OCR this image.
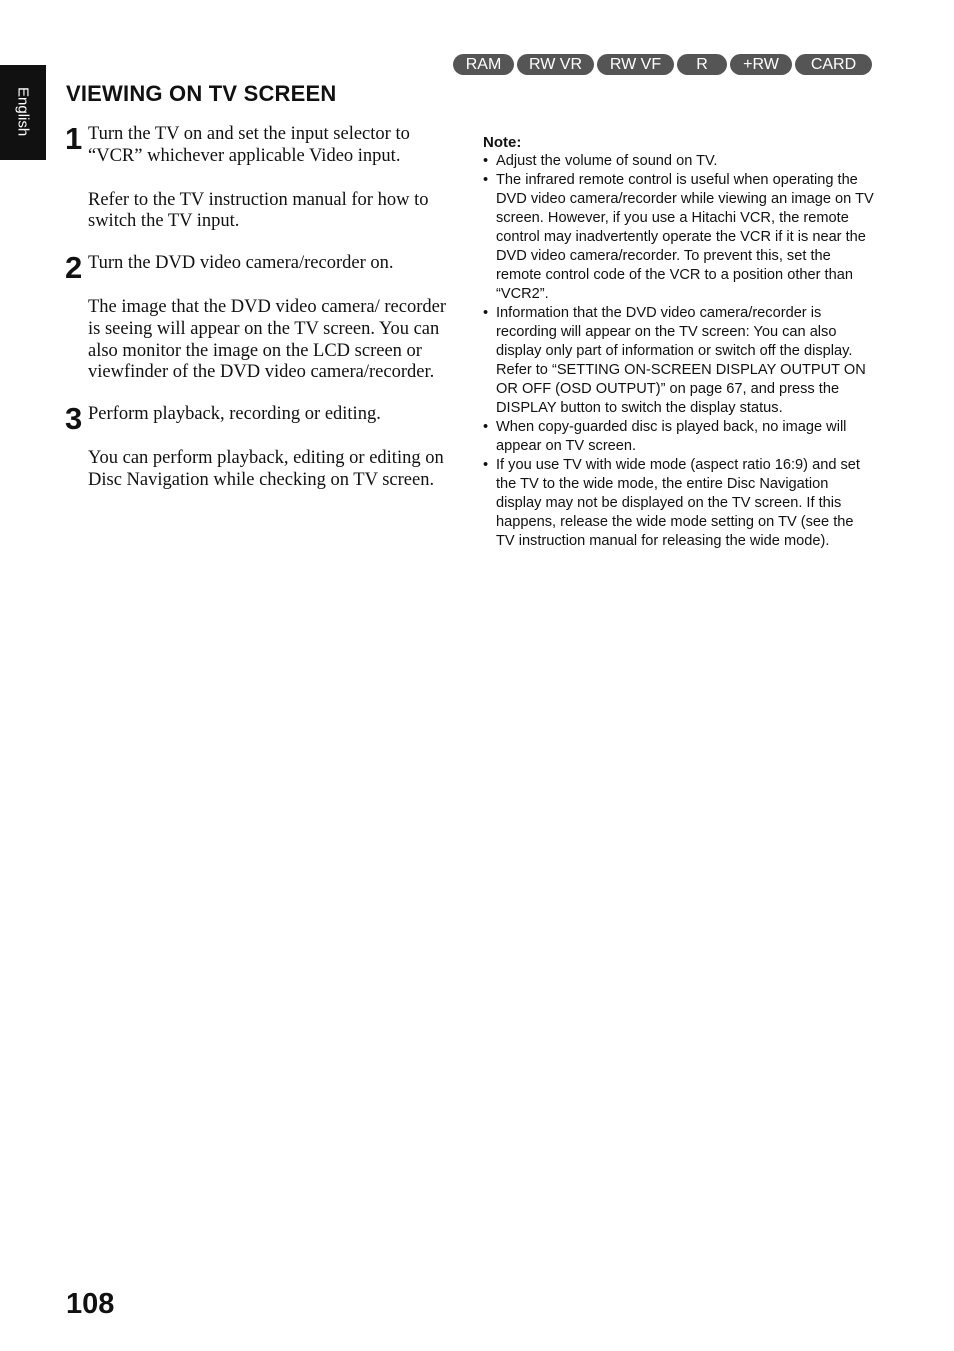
English
RAM	RW VR	RW VF	R	+RW	CARD
VIEWING ON TV SCREEN
1 Turn the TV on and set the input selector to “VCR” whichever applicable Video input.

Refer to the TV instruction manual for how to switch the TV input.

2 Turn the DVD video camera/recorder on.

The image that the DVD video camera/ recorder is seeing will appear on the TV screen. You can also monitor the image on the LCD screen or viewfinder of the DVD video camera/recorder.

3 Perform playback, recording or editing.

You can perform playback, editing or editing on Disc Navigation while checking on TV screen.

Note:
• Adjust the volume of sound on TV.
• The infrared remote control is useful when operating the DVD video camera/recorder while viewing an image on TV screen. However, if you use a Hitachi VCR, the remote control may inadvertently operate the VCR if it is near the DVD video camera/recorder. To prevent this, set the remote control code of the VCR to a position other than “VCR2”.
• Information that the DVD video camera/recorder is recording will appear on the TV screen: You can also display only part of information or switch off the display. Refer to “SETTING ON-SCREEN DISPLAY OUTPUT ON OR OFF (OSD OUTPUT)” on page 67, and press the DISPLAY button to switch the display status.
• When copy-guarded disc is played back, no image will appear on TV screen.
• If you use TV with wide mode (aspect ratio 16:9) and set the TV to the wide mode, the entire Disc Navigation display may not be displayed on the TV screen. If this happens, release the wide mode setting on TV (see the TV instruction manual for releasing the wide mode).
108
